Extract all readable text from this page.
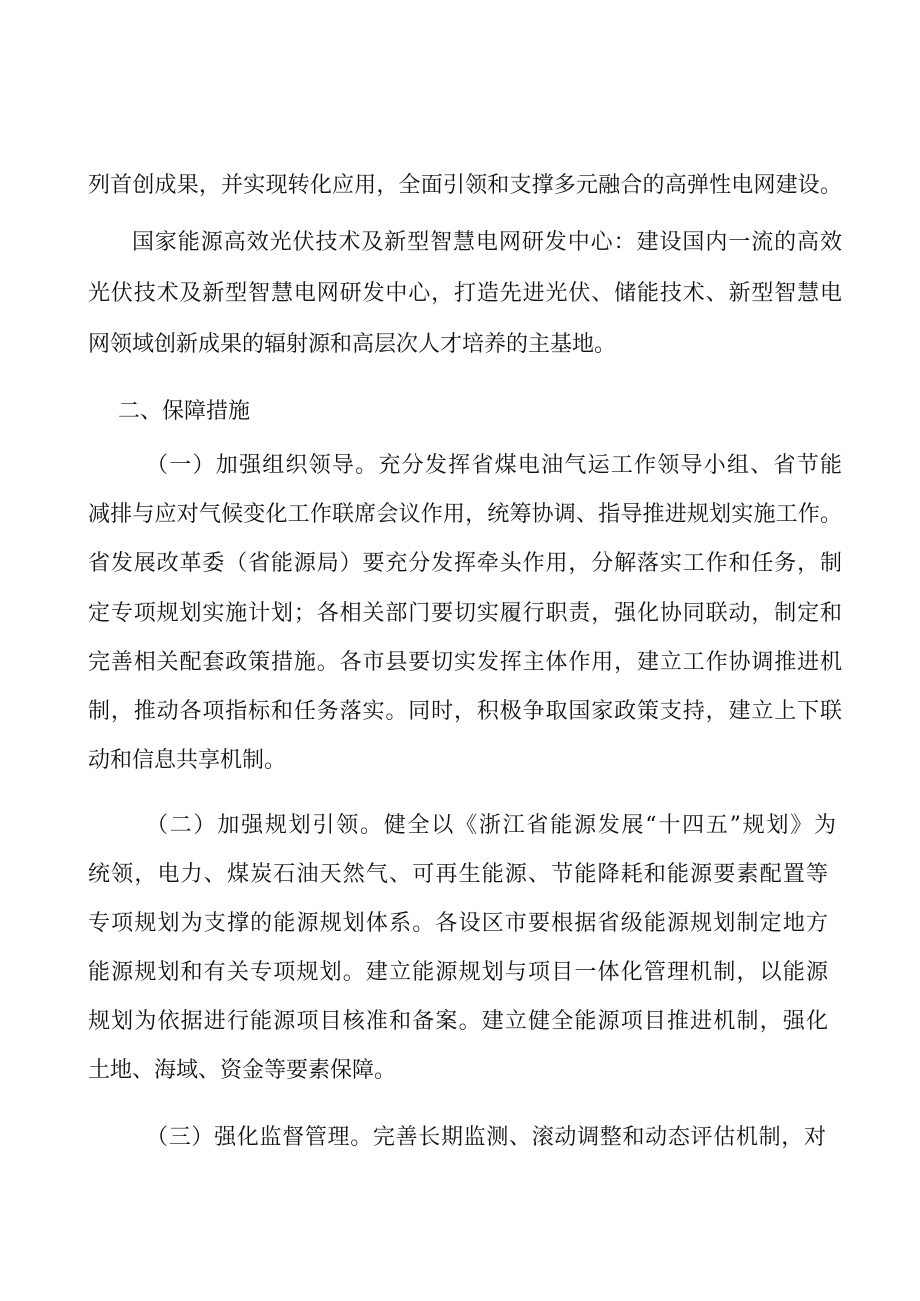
列首创成果，并实现转化应用，全面引领和支撑多元融合的高弹性电网建设。
国家能源高效光伏技术及新型智慧电网研发中心：建设国内一流的高效
光伏技术及新型智慧电网研发中心，打造先进光伏、储能技术、新型智慧电
网领域创新成果的辐射源和高层次人才培养的主基地。
二、保障措施
（一）加强组织领导。充分发挥省煤电油气运工作领导小组、省节能
减排与应对气候变化工作联席会议作用，统筹协调、指导推进规划实施工作。
省发展改革委（省能源局）要充分发挥牵头作用，分解落实工作和任务，制
定专项规划实施计划；各相关部门要切实履行职责，强化协同联动，制定和
完善相关配套政策措施。各市县要切实发挥主体作用，建立工作协调推进机
制，推动各项指标和任务落实。同时，积极争取国家政策支持，建立上下联
动和信息共享机制。
（二）加强规划引领。健全以《浙江省能源发展“十四五”规划》为
统领，电力、煤炭石油天然气、可再生能源、节能降耗和能源要素配置等
专项规划为支撑的能源规划体系。各设区市要根据省级能源规划制定地方
能源规划和有关专项规划。建立能源规划与项目一体化管理机制，以能源
规划为依据进行能源项目核准和备案。建立健全能源项目推进机制，强化
土地、海域、资金等要素保障。
（三）强化监督管理。完善长期监测、滚动调整和动态评估机制，对
